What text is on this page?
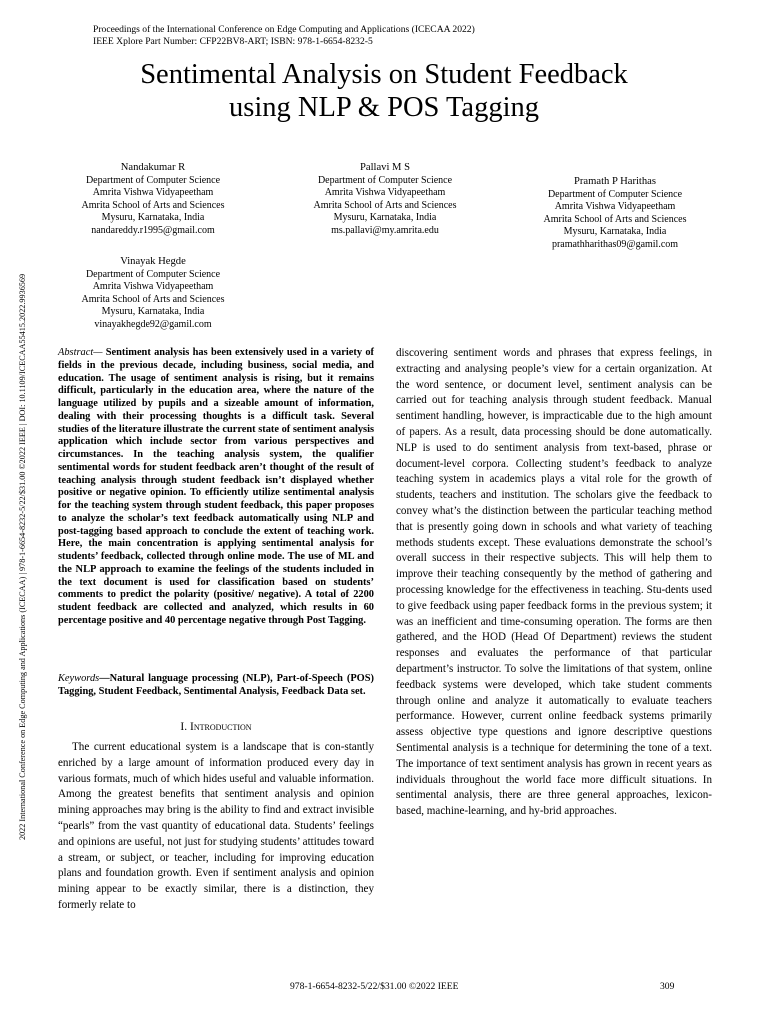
Proceedings of the International Conference on Edge Computing and Applications (ICECAA 2022)
IEEE Xplore Part Number: CFP22BV8-ART; ISBN: 978-1-6654-8232-5
Sentimental Analysis on Student Feedback
using NLP & POS Tagging
2022 International Conference on Edge Computing and Applications (ICECAA) | 978-1-6654-8232-5/22/$31.00 ©2022 IEEE | DOI: 10.1109/ICECAA55415.2022.9936569
Nandakumar R
Department of Computer Science
Amrita Vishwa Vidyapeetham
Amrita School of Arts and Sciences
Mysuru, Karnataka, India
nandareddy.r1995@gmail.com
Pallavi M S
Department of Computer Science
Amrita Vishwa Vidyapeetham
Amrita School of Arts and Sciences
Mysuru, Karnataka, India
ms.pallavi@my.amrita.edu
Pramath P Harithas
Department of Computer Science
Amrita Vishwa Vidyapeetham
Amrita School of Arts and Sciences
Mysuru, Karnataka, India
pramathharithas09@gamil.com
Vinayak Hegde
Department of Computer Science
Amrita Vishwa Vidyapeetham
Amrita School of Arts and Sciences
Mysuru, Karnataka, India
vinayakhegde92@gamil.com

Abstract— Sentiment analysis has been extensively used in a variety of fields in the previous decade, including business, social media, and education. The usage of sentiment analysis is rising, but it remains difficult, particularly in the education area, where the nature of the language utilized by pupils and a sizeable amount of information, dealing with their processing thoughts is a difficult task. Several studies of the literature illustrate the current state of sentiment analysis application which include sector from various perspectives and circumstances. In the teaching analysis system, the qualifier sentimental words for student feedback aren’t thought of the result of teaching analysis through student feedback isn’t displayed whether positive or negative opinion. To efficiently utilize sentimental analysis for the teaching system through student feedback, this paper proposes to analyze the scholar’s text feedback automatically using NLP and post-tagging based approach to conclude the extent of teaching work. Here, the main concentration is applying sentimental analysis for students’ feedback, collected through online mode. The use of ML and the NLP approach to examine the feelings of the students included in the text document is used for classification based on students’ comments to predict the polarity (positive/ negative). A total of 2200 student feedback are collected and analyzed, which results in 60 percentage positive and 40 percentage negative through Post Tagging.

Keywords—Natural language processing (NLP), Part-of-Speech (POS) Tagging, Student Feedback, Sentimental Analysis, Feedback Data set.

I. Introduction

The current educational system is a landscape that is con-stantly enriched by a large amount of information produced every day in various formats, much of which hides useful and valuable information. Among the greatest benefits that sentiment analysis and opinion mining approaches may bring is the ability to find and extract invisible “pearls” from the vast quantity of educational data. Students’ feelings and opinions are useful, not just for studying students’ attitudes toward a stream, or subject, or teacher, including for improving education plans and foundation growth. Even if sentiment analysis and opinion mining appear to be exactly similar, there is a distinction, they formerly relate to

discovering sentiment words and phrases that express feelings, in extracting and analysing people’s view for a certain organization. At the word sentence, or document level, sentiment analysis can be carried out for teaching analysis through student feedback. Manual sentiment handling, however, is impracticable due to the high amount of papers. As a result, data processing should be done automatically. NLP is used to do sentiment analysis from text-based, phrase or document-level corpora. Collecting student’s feedback to analyze teaching system in academics plays a vital role for the growth of students, teachers and institution. The scholars give the feedback to convey what’s the distinction between the particular teaching method that is presently going down in schools and what variety of teaching methods students except. These evaluations demonstrate the school’s overall success in their respective subjects. This will help them to improve their teaching consequently by the method of gathering and processing knowledge for the effectiveness in teaching. Stu-dents used to give feedback using paper feedback forms in the previous system; it was an inefficient and time-consuming operation. The forms are then gathered, and the HOD (Head Of Department) reviews the student responses and evaluates the performance of that particular department’s instructor. To solve the limitations of that system, online feedback systems were developed, which take student comments through online and analyze it automatically to evaluate teachers performance. However, current online feedback systems primarily assess objective type questions and ignore descriptive questions Sentimental analysis is a technique for determining the tone of a text. The importance of text sentiment analysis has grown in recent years as individuals throughout the world face more difficult situations. In sentimental analysis, there are three general approaches, lexicon-based, machine-learning, and hy-brid approaches.

978-1-6654-8232-5/22/$31.00 ©2022 IEEE	309
